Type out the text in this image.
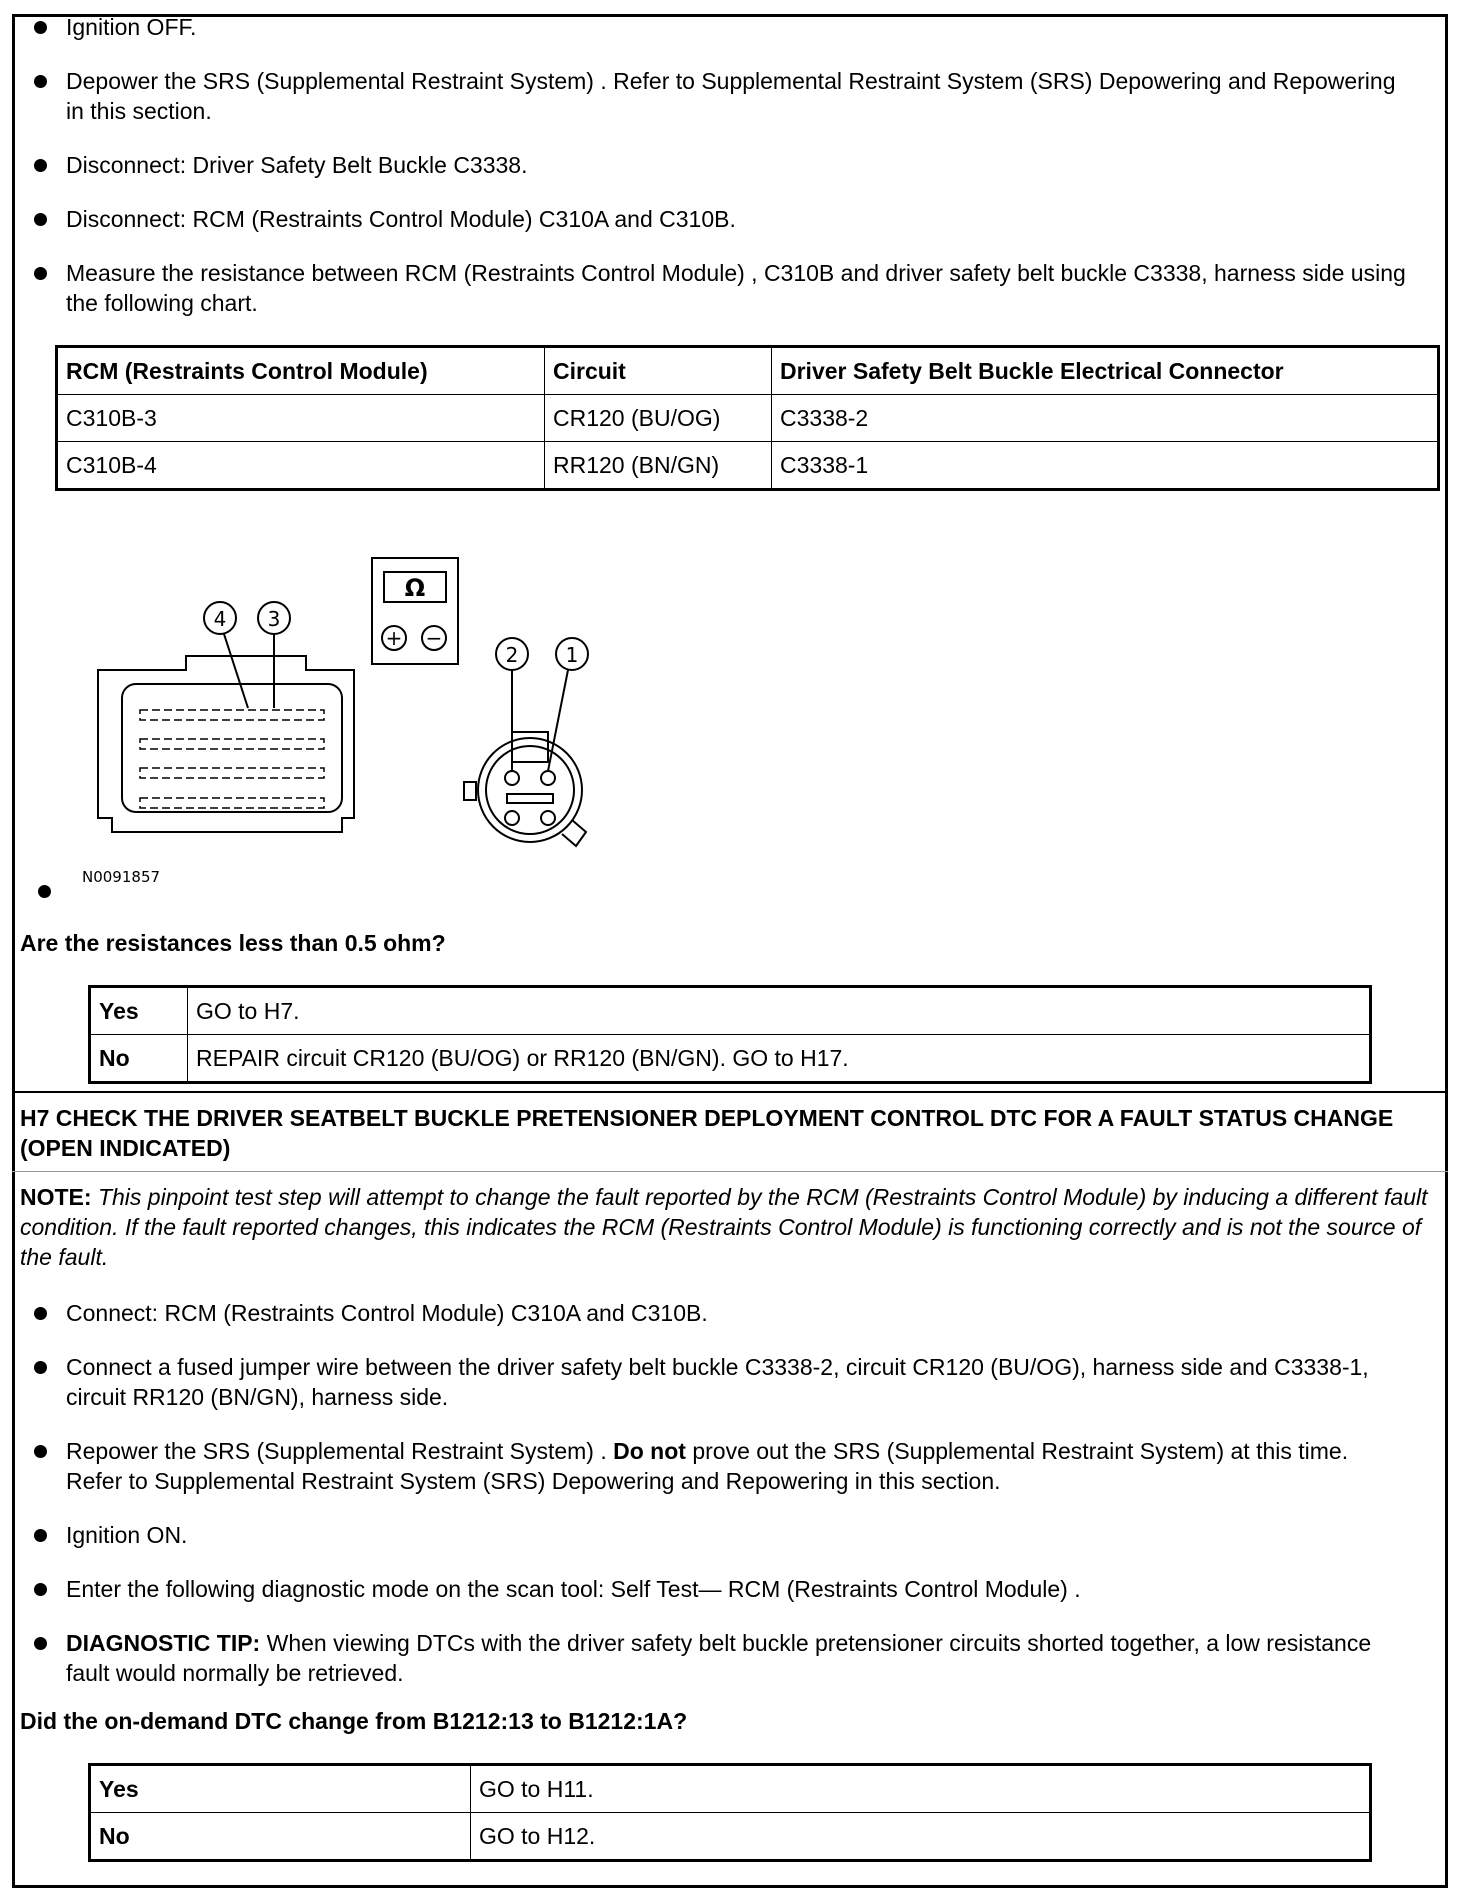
Ignition OFF.
Depower the SRS (Supplemental Restraint System) . Refer to Supplemental Restraint System (SRS) Depowering and Repowering in this section.
Disconnect: Driver Safety Belt Buckle C3338.
Disconnect: RCM (Restraints Control Module) C310A and C310B.
Measure the resistance between RCM (Restraints Control Module) , C310B and driver safety belt buckle C3338, harness side using the following chart.
RCM (Restraints Control Module)	Circuit	Driver Safety Belt Buckle Electrical Connector
C310B-3	CR120 (BU/OG)	C3338-2
C310B-4	RR120 (BN/GN)	C3338-1
Ω
+ −
4 3
2 1
N0091857
Are the resistances less than 0.5 ohm?
Yes	GO to H7.
No	REPAIR circuit CR120 (BU/OG) or RR120 (BN/GN). GO to H17.
H7 CHECK THE DRIVER SEATBELT BUCKLE PRETENSIONER DEPLOYMENT CONTROL DTC FOR A FAULT STATUS CHANGE (OPEN INDICATED)
NOTE: This pinpoint test step will attempt to change the fault reported by the RCM (Restraints Control Module) by inducing a different fault condition. If the fault reported changes, this indicates the RCM (Restraints Control Module) is functioning correctly and is not the source of the fault.
Connect: RCM (Restraints Control Module) C310A and C310B.
Connect a fused jumper wire between the driver safety belt buckle C3338-2, circuit CR120 (BU/OG), harness side and C3338-1, circuit RR120 (BN/GN), harness side.
Repower the SRS (Supplemental Restraint System) . Do not prove out the SRS (Supplemental Restraint System) at this time. Refer to Supplemental Restraint System (SRS) Depowering and Repowering in this section.
Ignition ON.
Enter the following diagnostic mode on the scan tool: Self Test— RCM (Restraints Control Module) .
DIAGNOSTIC TIP: When viewing DTCs with the driver safety belt buckle pretensioner circuits shorted together, a low resistance fault would normally be retrieved.
Did the on-demand DTC change from B1212:13 to B1212:1A?
Yes	GO to H11.
No	GO to H12.
